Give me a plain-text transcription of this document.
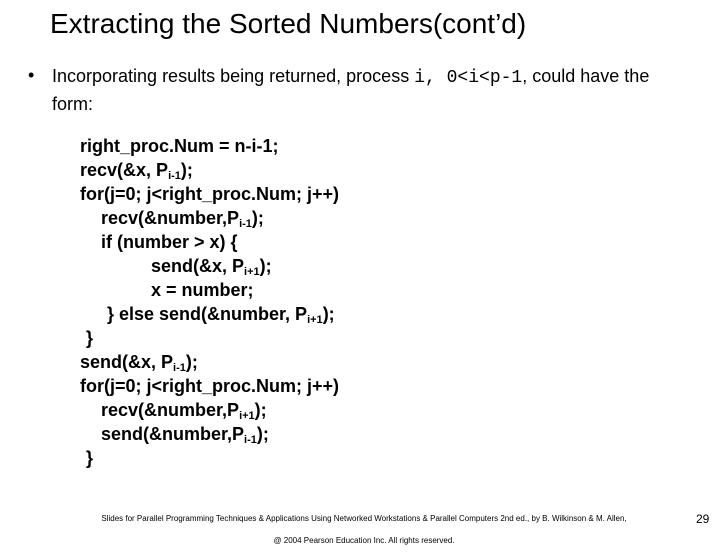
Extracting the Sorted Numbers(cont’d)
• Incorporating results being returned, process i, 0<i<p-1, could have the form:
right_proc.Num = n-i-1;
recv(&x, $P_{i-1}$);
for(j=0; j<right_proc.Num; j++)
$recv(\&number,P_{i-1})$;
if (number > x) {
send(&x, $P_{i+1}$);
x = number;
} else send(&number, $P_{i+1}$);
}
send(&x, $P_{i-1}$);
for(j=0; j<right_proc.Num; j++)
$recv(\&number,P_{i+1})$;
$send(\&number,P_{i-1})$;
}
Slides for Parallel Programming Techniques & Applications Using Networked Workstations & Parallel Computers 2nd ed., by B. Wilkinson & M. Allen,
@ 2004 Pearson Education Inc. All rights reserved.
29
